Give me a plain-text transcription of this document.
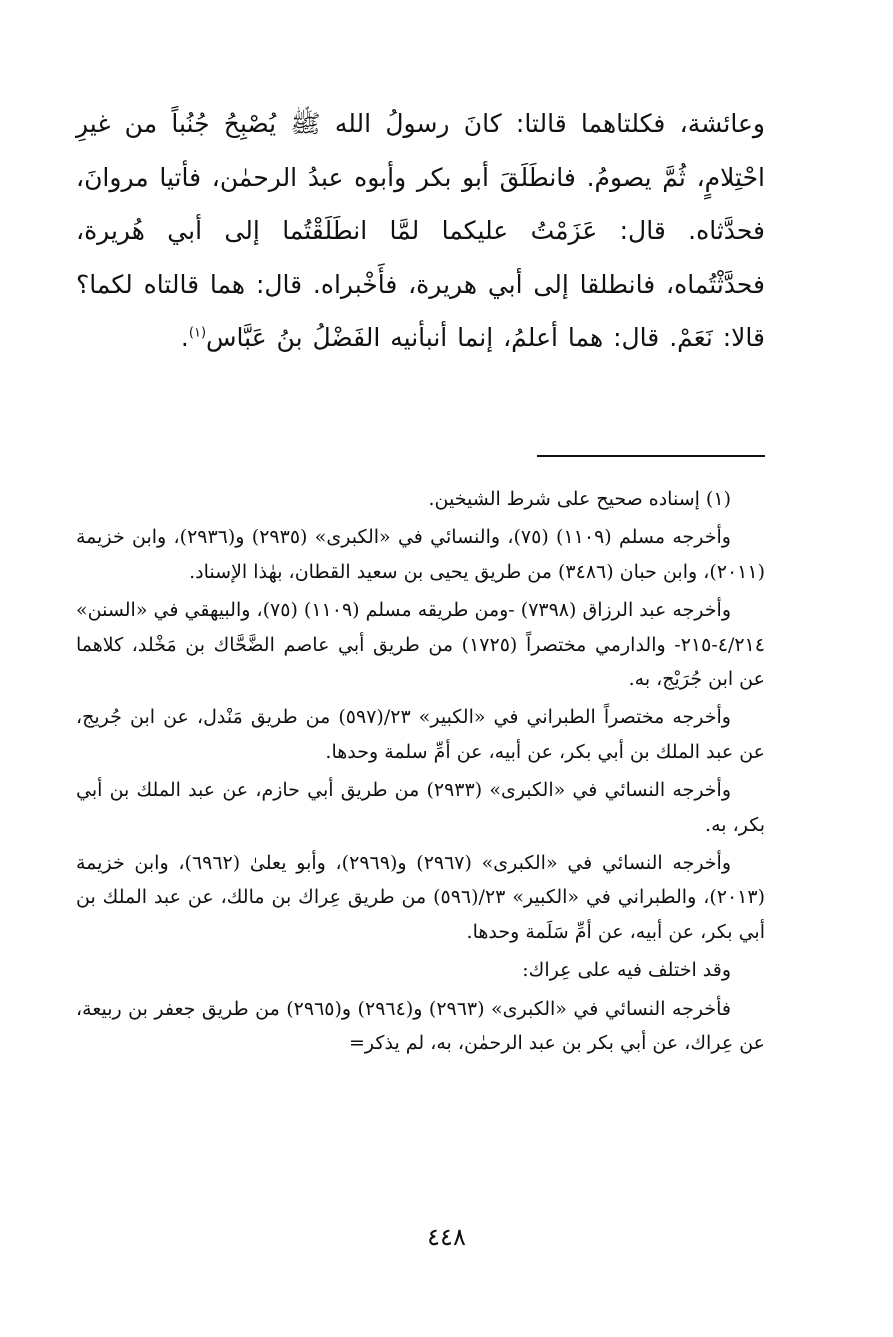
وعائشة، فكلتاهما قالتا: كانَ رسولُ الله ﷺ يُصْبِحُ جُنُباً من غيرِ احْتِلامٍ، ثُمَّ يصومُ. فانطَلَقَ أبو بكر وأبوه عبدُ الرحمٰن، فأتيا مروانَ، فحدَّثاه. قال: عَزَمْتُ عليكما لمَّا انطَلَقْتُما إلى أبي هُريرة، فحدَّثْتُماه، فانطلقا إلى أبي هريرة، فأَخْبراه. قال: هما قالتاه لكما؟ قالا: نَعَمْ. قال: هما أعلمُ، إنما أنبأنيه الفَضْلُ بنُ عَبَّاس$^{(١)}$.

(١) إسناده صحيح على شرط الشيخين.

وأخرجه مسلم (١١٠٩) (٧٥)، والنسائي في «الكبرى» (٢٩٣٥) و(٢٩٣٦)، وابن خزيمة (٢٠١١)، وابن حبان (٣٤٨٦) من طريق يحيى بن سعيد القطان، بهٰذا الإسناد.

وأخرجه عبد الرزاق (٧٣٩٨) -ومن طريقه مسلم (١١٠٩) (٧٥)، والبيهقي في «السنن» ٤/٢١٤-٢١٥- والدارمي مختصراً (١٧٢٥) من طريق أبي عاصم الضَّحَّاك بن مَخْلد، كلاهما عن ابن جُرَيْج، به.

وأخرجه مختصراً الطبراني في «الكبير» ٢٣/(٥٩٧) من طريق مَنْدل، عن ابن جُريج، عن عبد الملك بن أبي بكر، عن أبيه، عن أمِّ سلمة وحدها.

وأخرجه النسائي في «الكبرى» (٢٩٣٣) من طريق أبي حازم، عن عبد الملك بن أبي بكر، به.

وأخرجه النسائي في «الكبرى» (٢٩٦٧) و(٢٩٦٩)، وأبو يعلىٰ (٦٩٦٢)، وابن خزيمة (٢٠١٣)، والطبراني في «الكبير» ٢٣/(٥٩٦) من طريق عِراك بن مالك، عن عبد الملك بن أبي بكر، عن أبيه، عن أمِّ سَلَمة وحدها.

وقد اختلف فيه على عِراك:

فأخرجه النسائي في «الكبرى» (٢٩٦٣) و(٢٩٦٤) و(٢٩٦٥) من طريق جعفر بن ربيعة، عن عِراك، عن أبي بكر بن عبد الرحمٰن، به، لم يذكر=

٤٤٨
